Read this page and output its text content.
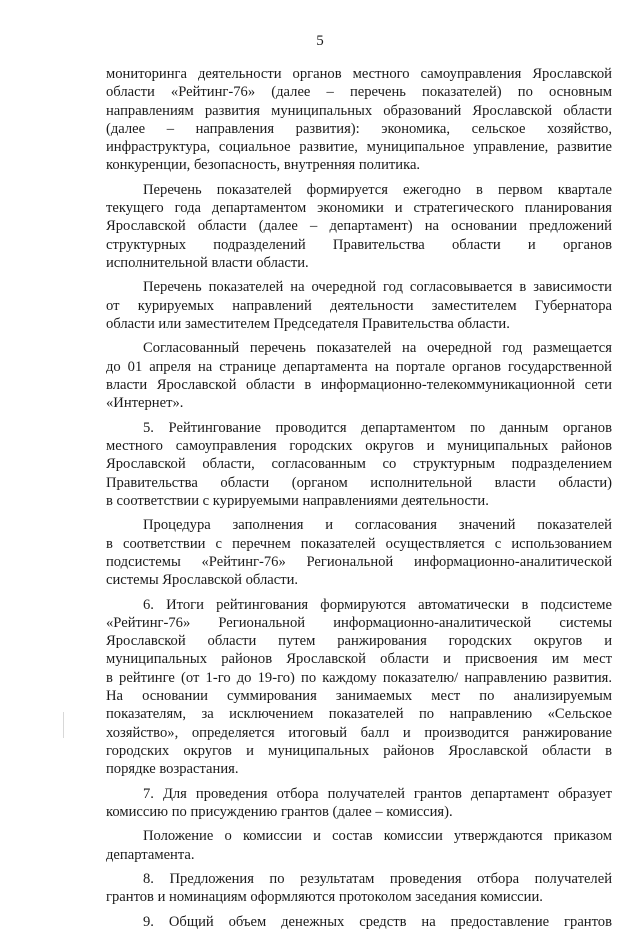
5
мониторинга деятельности органов местного самоуправления Ярославской
области «Рейтинг-76» (далее – перечень показателей) по основным
направлениям развития муниципальных образований Ярославской области
(далее – направления развития): экономика, сельское хозяйство,
инфраструктура, социальное развитие, муниципальное управление, развитие
конкуренции, безопасность, внутренняя политика.
Перечень показателей формируется ежегодно в первом квартале
текущего года департаментом экономики и стратегического планирования
Ярославской области (далее – департамент) на основании предложений
структурных подразделений Правительства области и органов
исполнительной власти области.
Перечень показателей на очередной год согласовывается в зависимости
от курируемых направлений деятельности заместителем Губернатора
области или заместителем Председателя Правительства области.
Согласованный перечень показателей на очередной год размещается
до 01 апреля на странице департамента на портале органов государственной
власти Ярославской области в информационно-телекоммуникационной сети
«Интернет».
5. Рейтингование проводится департаментом по данным органов
местного самоуправления городских округов и муниципальных районов
Ярославской области, согласованным со структурным подразделением
Правительства области (органом исполнительной власти области)
в соответствии с курируемыми направлениями деятельности.
Процедура заполнения и согласования значений показателей
в соответствии с перечнем показателей осуществляется с использованием
подсистемы «Рейтинг-76» Региональной информационно-аналитической
системы Ярославской области.
6. Итоги рейтингования формируются автоматически в подсистеме
«Рейтинг-76» Региональной информационно-аналитической системы
Ярославской области путем ранжирования городских округов и
муниципальных районов Ярославской области и присвоения им мест
в рейтинге (от 1-го до 19-го) по каждому показателю/ направлению развития.
На основании суммирования занимаемых мест по анализируемым
показателям, за исключением показателей по направлению «Сельское
хозяйство», определяется итоговый балл и производится ранжирование
городских округов и муниципальных районов Ярославской области в
порядке возрастания.
7. Для проведения отбора получателей грантов департамент образует
комиссию по присуждению грантов (далее – комиссия).
Положение о комиссии и состав комиссии утверждаются приказом
департамента.
8. Предложения по результатам проведения отбора получателей
грантов и номинациям оформляются протоколом заседания комиссии.
9. Общий объем денежных средств на предоставление грантов
